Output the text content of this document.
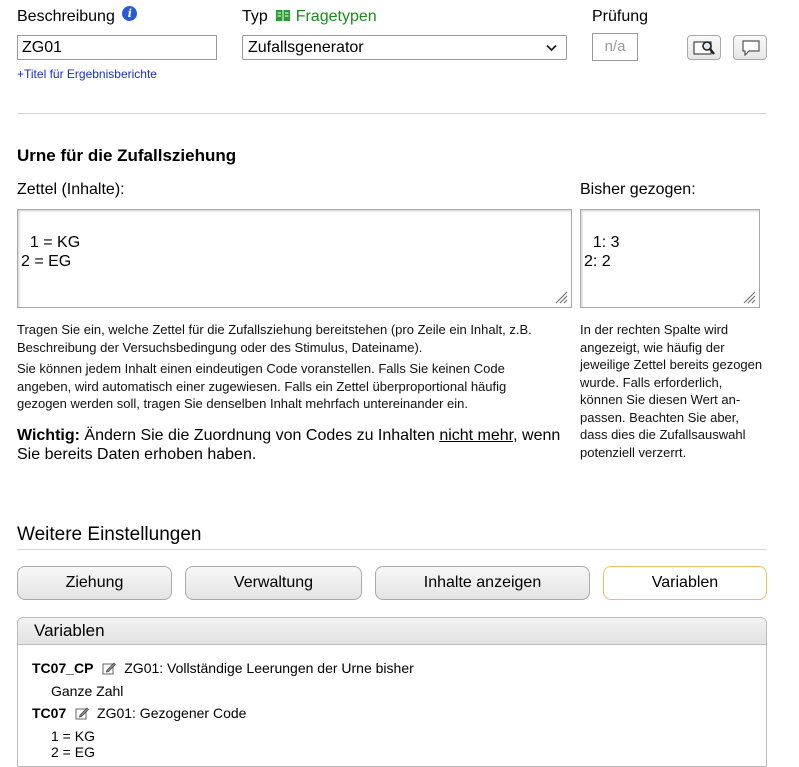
Beschreibung i	Typ Fragetypen	Prüfung
ZG01	Zufallsgenerator	n/a
+Titel für Ergebnisberichte
Urne für die Zufallsziehung
Zettel (Inhalte):	Bisher gezogen:

1 = KG
2 = EG

1: 3
2: 2

Tragen Sie ein, welche Zettel für die Zufallsziehung bereitstehen (pro Zeile ein Inhalt, z.B. Beschreibung der Versuchsbedingung oder des Stimulus, Dateiname).
Sie können jedem Inhalt einen eindeutigen Code voranstellen. Falls Sie keinen Code angeben, wird automatisch einer zugewiesen. Falls ein Zettel überproportional häufig gezogen werden soll, tragen Sie denselben Inhalt mehrfach untereinander ein.
Wichtig: Ändern Sie die Zuordnung von Codes zu Inhalten nicht mehr, wenn Sie bereits Daten erhoben haben.
In der rechten Spalte wird angezeigt, wie häufig der jeweilige Zettel bereits gezogen wurde. Falls erforderlich, können Sie diesen Wert anpassen. Beachten Sie aber, dass dies die Zufallsauswahl potenziell verzerrt.
Weitere Einstellungen
Ziehung	Verwaltung	Inhalte anzeigen	Variablen
Variablen
TC07_CP ZG01: Vollständige Leerungen der Urne bisher
Ganze Zahl
TC07 ZG01: Gezogener Code
1 = KG
2 = EG
